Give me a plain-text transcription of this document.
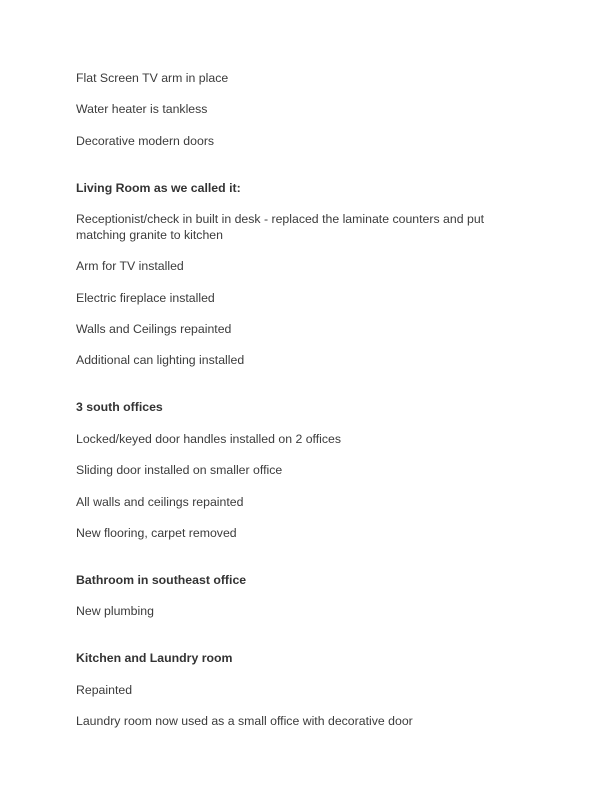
Flat Screen TV arm in place
Water heater is tankless
Decorative modern doors
Living Room as we called it:
Receptionist/check in built in desk - replaced the laminate counters and put matching granite to kitchen
Arm for TV installed
Electric fireplace installed
Walls and Ceilings repainted
Additional can lighting installed
3 south offices
Locked/keyed door handles installed on 2 offices
Sliding door installed on smaller office
All walls and ceilings repainted
New flooring, carpet removed
Bathroom in southeast office
New plumbing
Kitchen and Laundry room
Repainted
Laundry room now used as a small office with decorative door
